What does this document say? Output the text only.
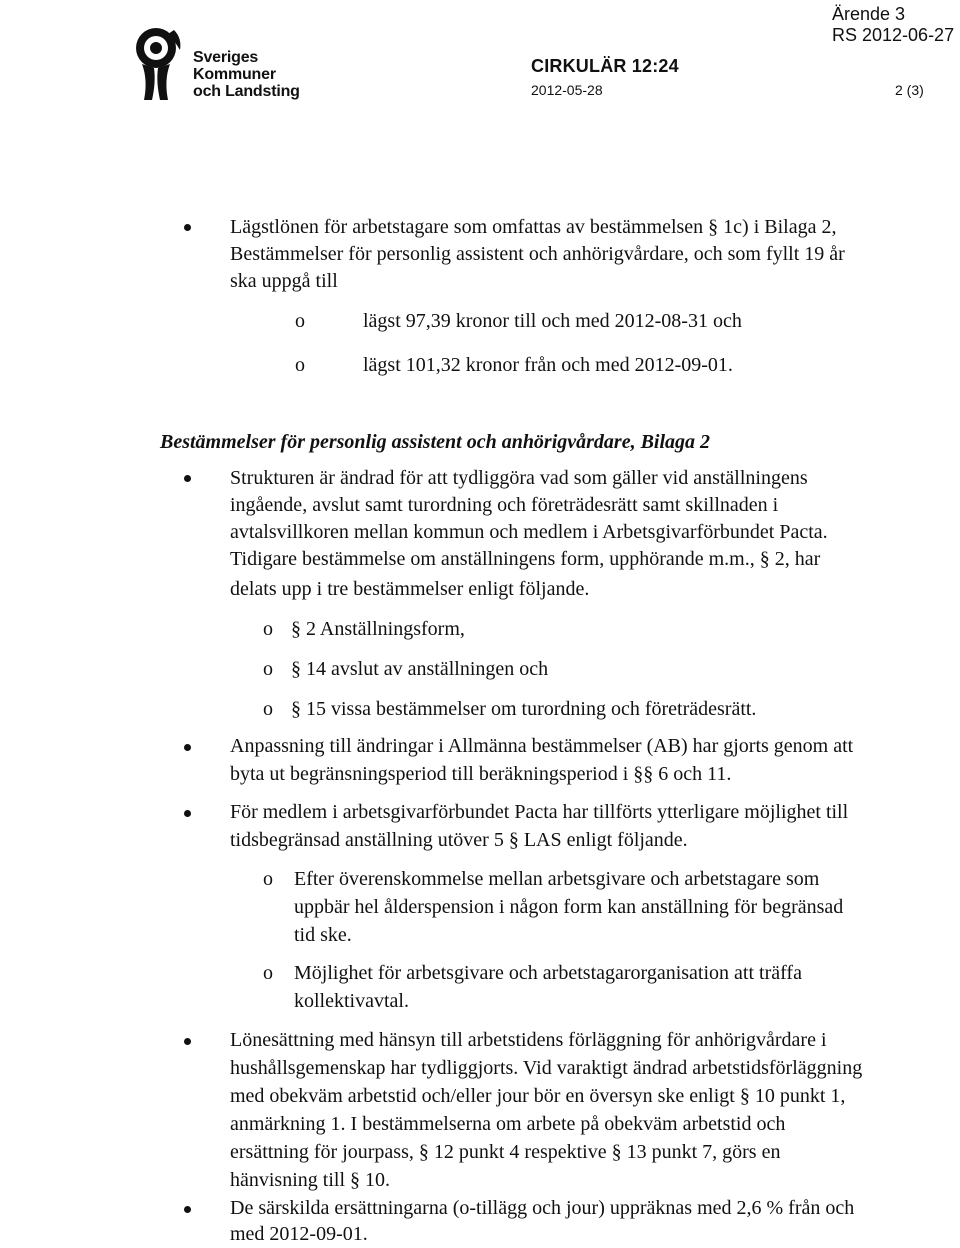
Sveriges
Kommuner
och Landsting
CIRKULÄR 12:24
2012-05-28	2 (3)
Ärende 3
RS 2012-06-27
Lägstlönen för arbetstagare som omfattas av bestämmelsen § 1c) i Bilaga 2,
Bestämmelser för personlig assistent och anhörigvårdare, och som fyllt 19 år
ska uppgå till
o	lägst 97,39 kronor till och med 2012-08-31 och
o	lägst 101,32 kronor från och med 2012-09-01.
Bestämmelser för personlig assistent och anhörigvårdare, Bilaga 2
Strukturen är ändrad för att tydliggöra vad som gäller vid anställningens
ingående, avslut samt turordning och företrädesrätt samt skillnaden i
avtalsvillkoren mellan kommun och medlem i Arbetsgivarförbundet Pacta.
Tidigare bestämmelse om anställningens form, upphörande m.m., § 2, har
delats upp i tre bestämmelser enligt följande.
o § 2 Anställningsform,
o § 14 avslut av anställningen och
o § 15 vissa bestämmelser om turordning och företrädesrätt.
Anpassning till ändringar i Allmänna bestämmelser (AB) har gjorts genom att
byta ut begränsningsperiod till beräkningsperiod i §§ 6 och 11.
För medlem i arbetsgivarförbundet Pacta har tillförts ytterligare möjlighet till
tidsbegränsad anställning utöver 5 § LAS enligt följande.
o Efter överenskommelse mellan arbetsgivare och arbetstagare som
uppbär hel ålderspension i någon form kan anställning för begränsad
tid ske.
o Möjlighet för arbetsgivare och arbetstagarorganisation att träffa
kollektivavtal.
Lönesättning med hänsyn till arbetstidens förläggning för anhörigvårdare i
hushållsgemenskap har tydliggjorts. Vid varaktigt ändrad arbetstidsförläggning
med obekväm arbetstid och/eller jour bör en översyn ske enligt § 10 punkt 1,
anmärkning 1. I bestämmelserna om arbete på obekväm arbetstid och
ersättning för jourpass, § 12 punkt 4 respektive § 13 punkt 7, görs en
hänvisning till § 10.
De särskilda ersättningarna (o-tillägg och jour) uppräknas med 2,6 % från och
med 2012-09-01.
